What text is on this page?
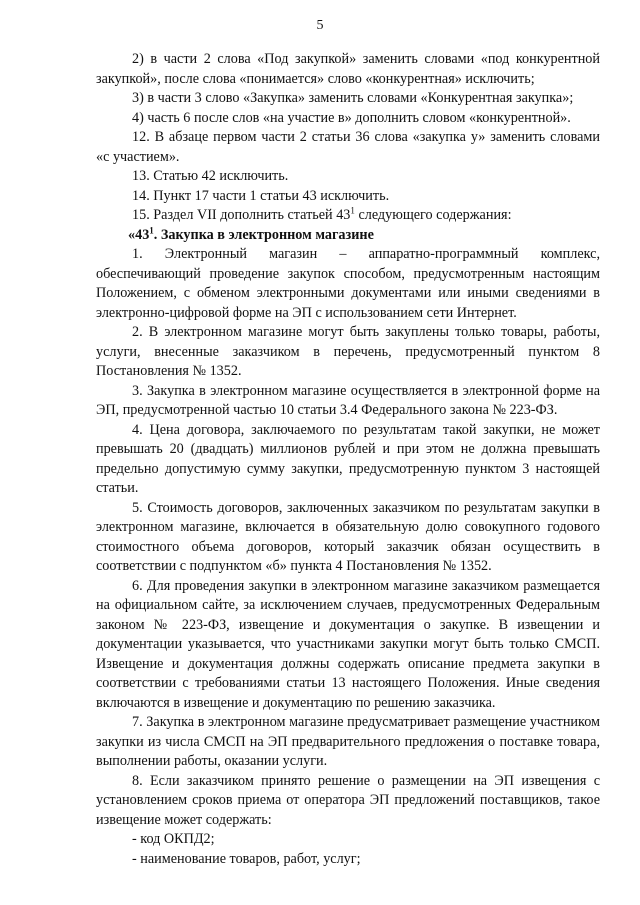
5

2) в части 2 слова «Под закупкой» заменить словами «под конкурентной закупкой», после слова «понимается» слово «конкурентная» исключить;

3) в части 3 слово «Закупка» заменить словами «Конкурентная закупка»;

4) часть 6 после слов «на участие в» дополнить словом «конкурентной».

12. В абзаце первом части 2 статьи 36 слова «закупка у» заменить словами «с участием».

13. Статью 42 исключить.

14. Пункт 17 части 1 статьи 43 исключить.

15. Раздел VII дополнить статьей $43^1$ следующего содержания:

«$43^1$. Закупка в электронном магазине

1. Электронный магазин – аппаратно-программный комплекс, обеспечивающий проведение закупок способом, предусмотренным настоящим Положением, с обменом электронными документами или иными сведениями в электронно-цифровой форме на ЭП с использованием сети Интернет.

2. В электронном магазине могут быть закуплены только товары, работы, услуги, внесенные заказчиком в перечень, предусмотренный пунктом 8 Постановления № 1352.

3. Закупка в электронном магазине осуществляется в электронной форме на ЭП, предусмотренной частью 10 статьи 3.4 Федерального закона № 223-ФЗ.

4. Цена договора, заключаемого по результатам такой закупки, не может превышать 20 (двадцать) миллионов рублей и при этом не должна превышать предельно допустимую сумму закупки, предусмотренную пунктом 3 настоящей статьи.

5. Стоимость договоров, заключенных заказчиком по результатам закупки в электронном магазине, включается в обязательную долю совокупного годового стоимостного объема договоров, который заказчик обязан осуществить в соответствии с подпунктом «б» пункта 4 Постановления № 1352.

6. Для проведения закупки в электронном магазине заказчиком размещается на официальном сайте, за исключением случаев, предусмотренных Федеральным законом № 223-ФЗ, извещение и документация о закупке. В извещении и документации указывается, что участниками закупки могут быть только СМСП. Извещение и документация должны содержать описание предмета закупки в соответствии с требованиями статьи 13 настоящего Положения. Иные сведения включаются в извещение и документацию по решению заказчика.

7. Закупка в электронном магазине предусматривает размещение участником закупки из числа СМСП на ЭП предварительного предложения о поставке товара, выполнении работы, оказании услуги.

8. Если заказчиком принято решение о размещении на ЭП извещения с установлением сроков приема от оператора ЭП предложений поставщиков, такое извещение может содержать:

- код ОКПД2;

- наименование товаров, работ, услуг;
